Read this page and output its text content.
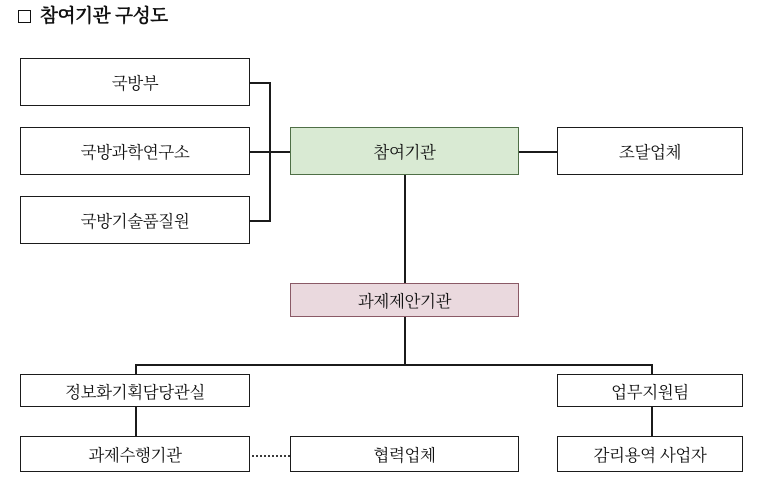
참여기관 구성도
국방부
국방과학연구소
국방기술품질원
참여기관	조달업체
과제제안기관
정보화기획담당관실	업무지원팀
과제수행기관	협력업체	감리용역 사업자
